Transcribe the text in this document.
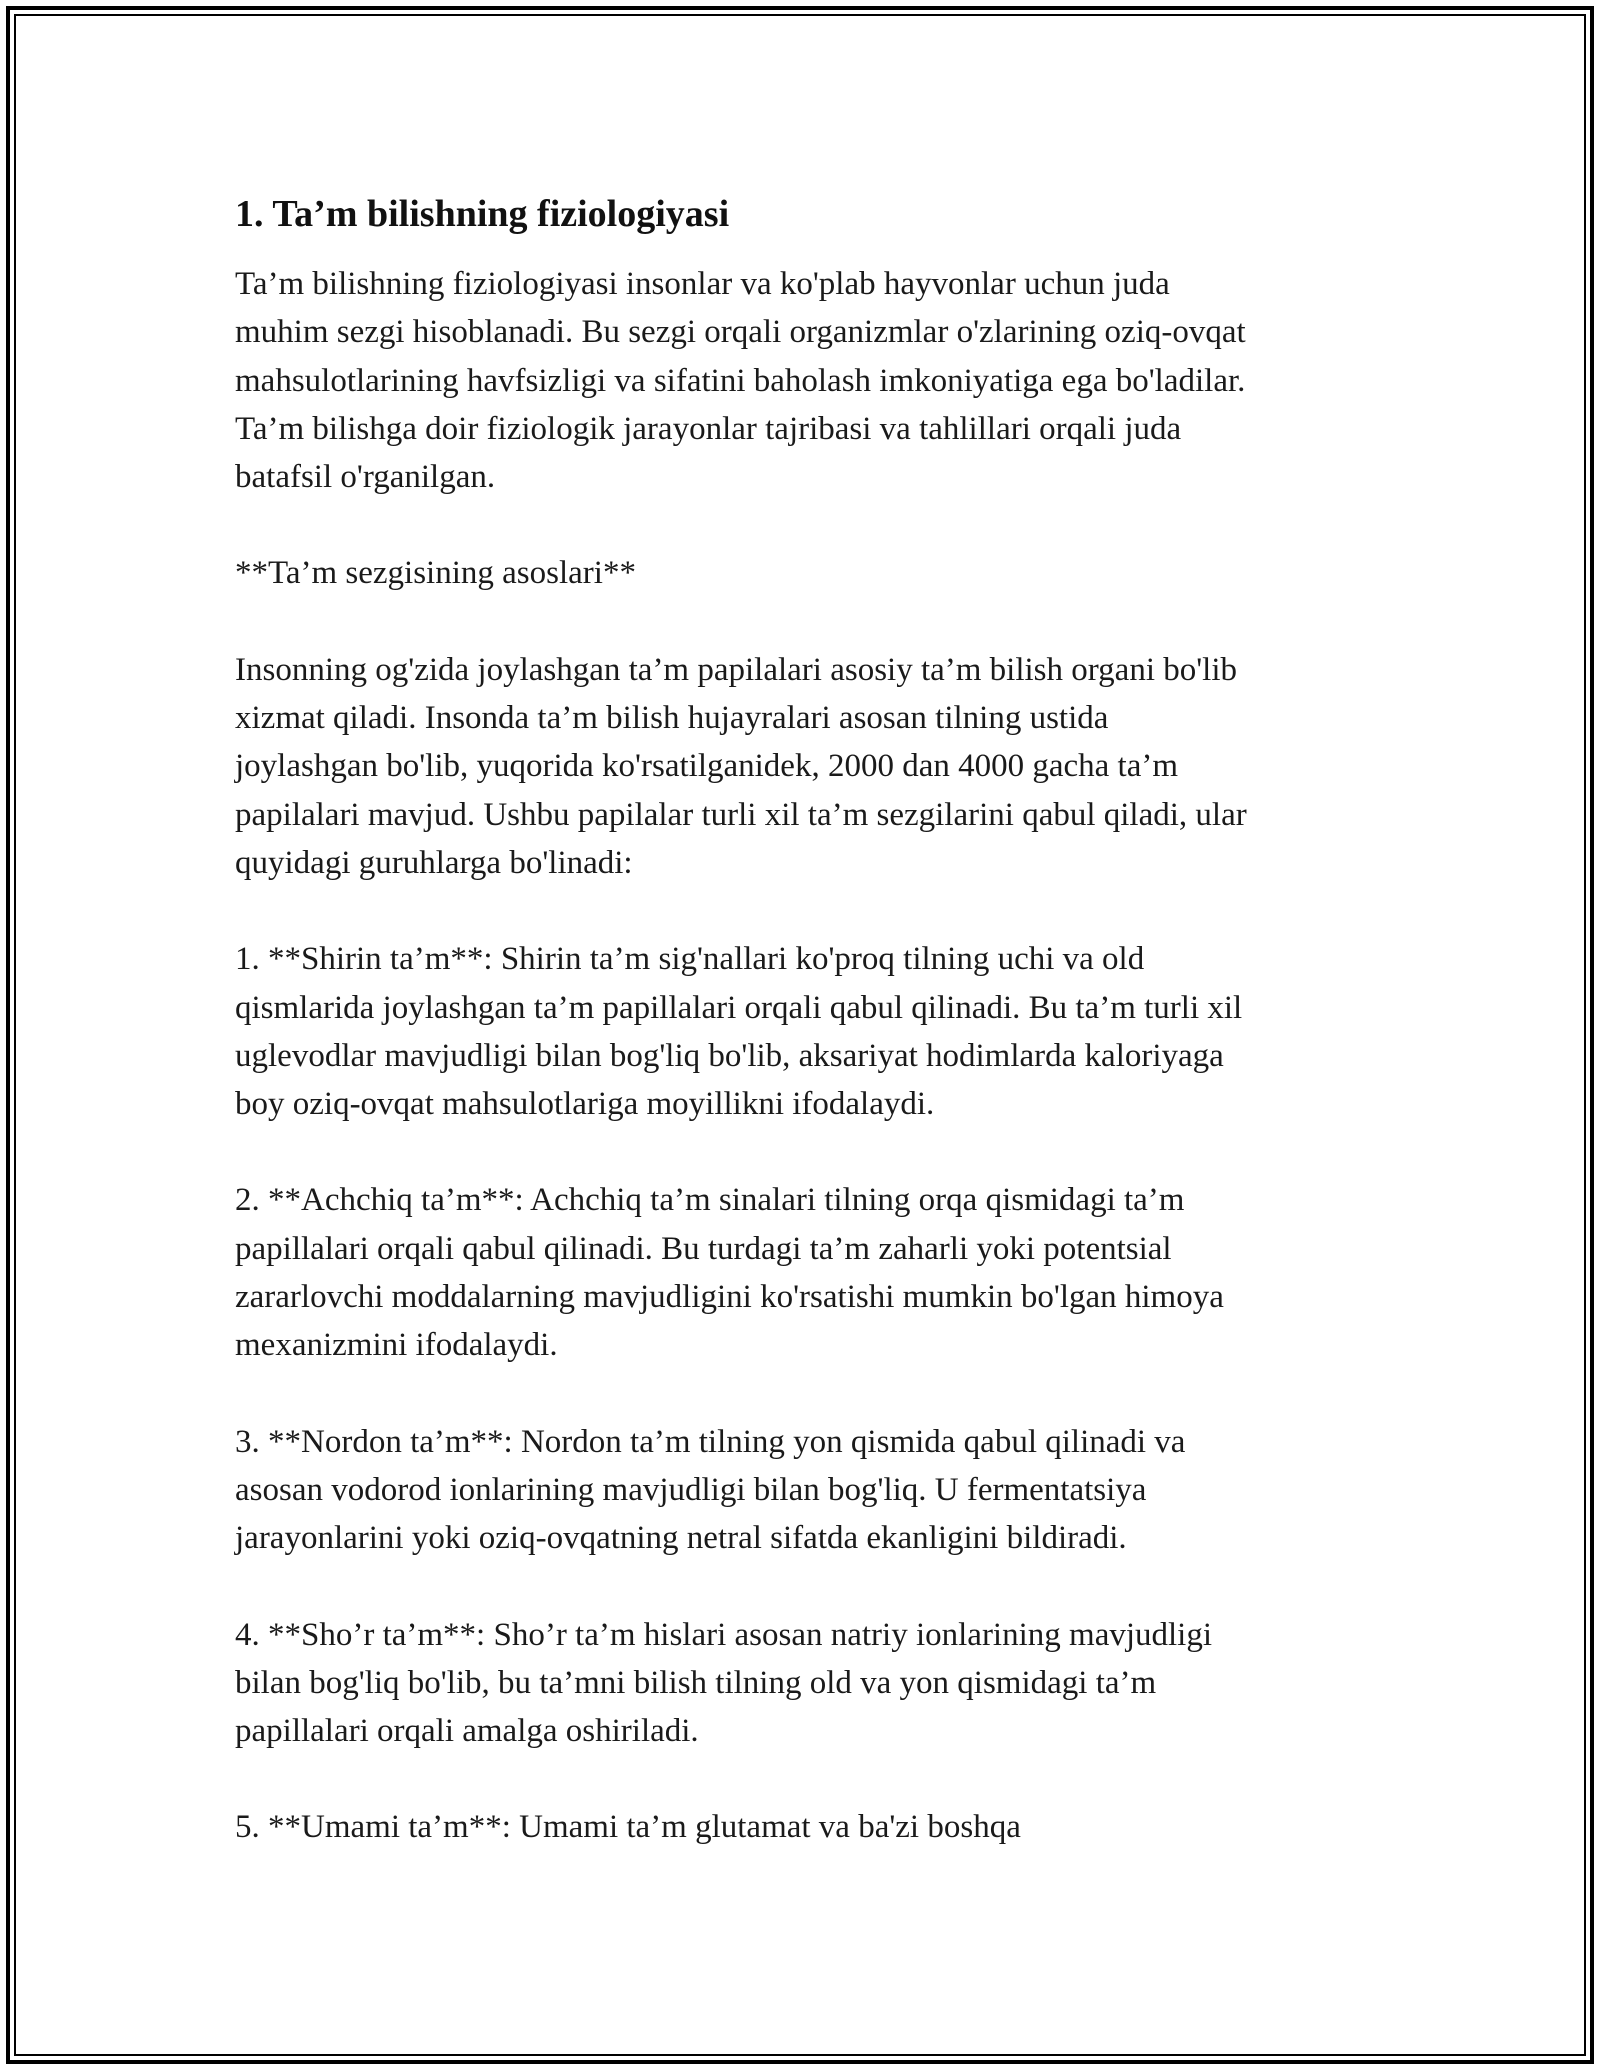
1. Ta’m bilishning fiziologiyasi

Ta’m bilishning fiziologiyasi insonlar va ko'plab hayvonlar uchun juda
muhim sezgi hisoblanadi. Bu sezgi orqali organizmlar o'zlarining oziq-ovqat
mahsulotlarining havfsizligi va sifatini baholash imkoniyatiga ega bo'ladilar.
Ta’m bilishga doir fiziologik jarayonlar tajribasi va tahlillari orqali juda
batafsil o'rganilgan.

**Ta’m sezgisining asoslari**

Insonning og'zida joylashgan ta’m papilalari asosiy ta’m bilish organi bo'lib
xizmat qiladi. Insonda ta’m bilish hujayralari asosan tilning ustida
joylashgan bo'lib, yuqorida ko'rsatilganidek, 2000 dan 4000 gacha ta’m
papilalari mavjud. Ushbu papilalar turli xil ta’m sezgilarini qabul qiladi, ular
quyidagi guruhlarga bo'linadi:

1. **Shirin ta’m**: Shirin ta’m sig'nallari ko'proq tilning uchi va old
qismlarida joylashgan ta’m papillalari orqali qabul qilinadi. Bu ta’m turli xil
uglevodlar mavjudligi bilan bog'liq bo'lib, aksariyat hodimlarda kaloriyaga
boy oziq-ovqat mahsulotlariga moyillikni ifodalaydi.

2. **Achchiq ta’m**: Achchiq ta’m sinalari tilning orqa qismidagi ta’m
papillalari orqali qabul qilinadi. Bu turdagi ta’m zaharli yoki potentsial
zararlovchi moddalarning mavjudligini ko'rsatishi mumkin bo'lgan himoya
mexanizmini ifodalaydi.

3. **Nordon ta’m**: Nordon ta’m tilning yon qismida qabul qilinadi va
asosan vodorod ionlarining mavjudligi bilan bog'liq. U fermentatsiya
jarayonlarini yoki oziq-ovqatning netral sifatda ekanligini bildiradi.

4. **Sho’r ta’m**: Sho’r ta’m hislari asosan natriy ionlarining mavjudligi
bilan bog'liq bo'lib, bu ta’mni bilish tilning old va yon qismidagi ta’m
papillalari orqali amalga oshiriladi.

5. **Umami ta’m**: Umami ta’m glutamat va ba'zi boshqa
